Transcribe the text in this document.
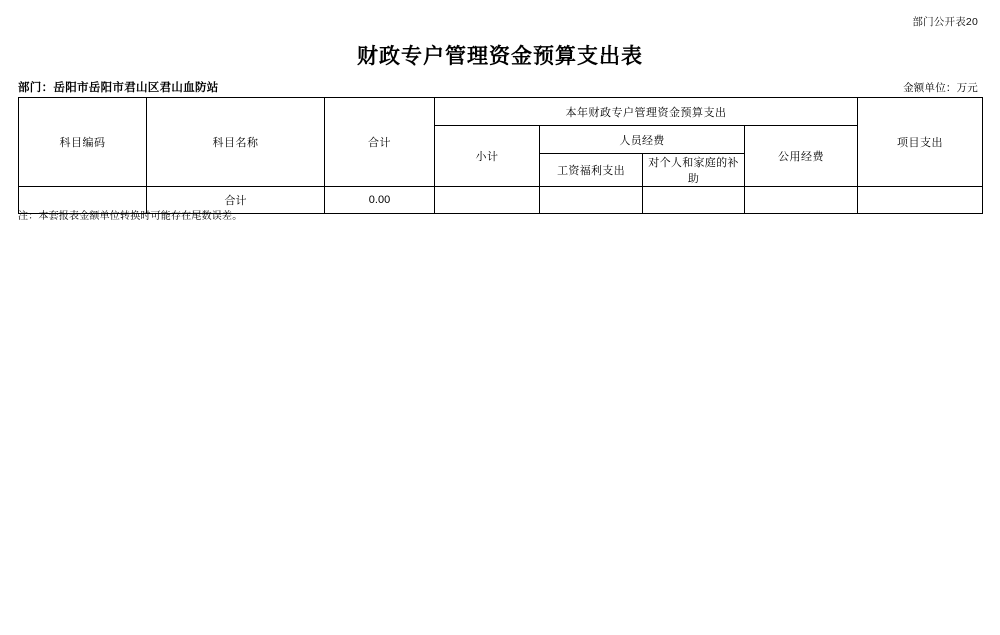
部门公开表20
财政专户管理资金预算支出表
部门：岳阳市岳阳市君山区君山血防站	金额单位：万元
科目编码	科目名称	合计	本年财政专户管理资金预算支出				项目支出
			小计	人员经费		公用经费	
				工资福利支出	对个人和家庭的补助		
	合计	0.00					
注：本套报表金额单位转换时可能存在尾数误差。
